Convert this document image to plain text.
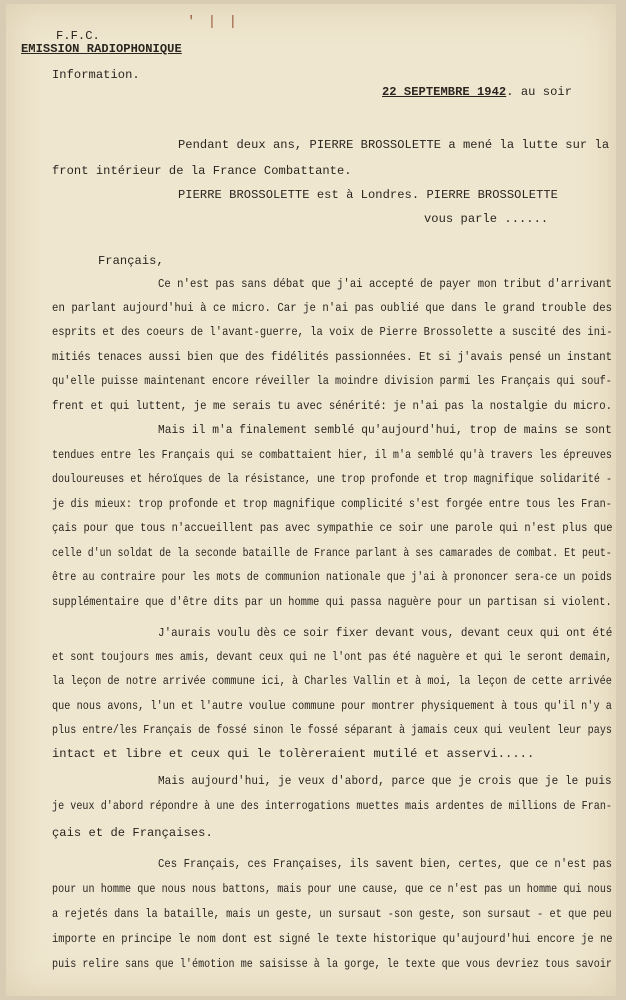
' | |
F.F.C.
EMISSION RADIOPHONIQUE
Information.
22 SEPTEMBRE 1942. au soir
Pendant deux ans, PIERRE BROSSOLETTE a mené la lutte sur la
front intérieur de la France Combattante.
PIERRE BROSSOLETTE est à Londres. PIERRE BROSSOLETTE
vous parle ......
Français,
Ce n'est pas sans débat que j'ai accepté de payer mon tribut d'arrivant
en parlant aujourd'hui à ce micro. Car je n'ai pas oublié que dans le grand trouble des
esprits et des coeurs de l'avant-guerre, la voix de Pierre Brossolette a suscité des ini-
mitiés tenaces aussi bien que des fidélités passionnées. Et si j'avais pensé un instant
qu'elle puisse maintenant encore réveiller la moindre division parmi les Français qui souf-
frent et qui luttent, je me serais tu avec sénérité: je n'ai pas la nostalgie du micro.
Mais il m'a finalement semblé qu'aujourd'hui, trop de mains se sont
tendues entre les Français qui se combattaient hier, il m'a semblé qu'à travers les épreuves
douloureuses et héroïques de la résistance, une trop profonde et trop magnifique solidarité -
je dis mieux: trop profonde et trop magnifique complicité s'est forgée entre tous les Fran-
çais pour que tous n'accueillent pas avec sympathie ce soir une parole qui n'est plus que
celle d'un soldat de la seconde bataille de France parlant à ses camarades de combat. Et peut-
être au contraire pour les mots de communion nationale que j'ai à prononcer sera-ce un poids
supplémentaire que d'être dits par un homme qui passa naguère pour un partisan si violent.
J'aurais voulu dès ce soir fixer devant vous, devant ceux qui ont été
et sont toujours mes amis, devant ceux qui ne l'ont pas été naguère et qui le seront demain,
la leçon de notre arrivée commune ici, à Charles Vallin et à moi, la leçon de cette arrivée
que nous avons, l'un et l'autre voulue commune pour montrer physiquement à tous qu'il n'y a
plus entre/les Français de fossé sinon le fossé séparant à jamais ceux qui veulent leur pays
intact et libre et ceux qui le tolèreraient mutilé et asservi.....
Mais aujourd'hui, je veux d'abord, parce que je crois que je le puis
je veux d'abord répondre à une des interrogations muettes mais ardentes de millions de Fran-
çais et de Françaises.
Ces Français, ces Françaises, ils savent bien, certes, que ce n'est pas
pour un homme que nous nous battons, mais pour une cause, que ce n'est pas un homme qui nous
a rejetés dans la bataille, mais un geste, un sursaut -son geste, son sursaut - et que peu
importe en principe le nom dont est signé le texte historique qu'aujourd'hui encore je ne
puis relire sans que l'émotion me saisisse à la gorge, le texte que vous devriez tous savoir
